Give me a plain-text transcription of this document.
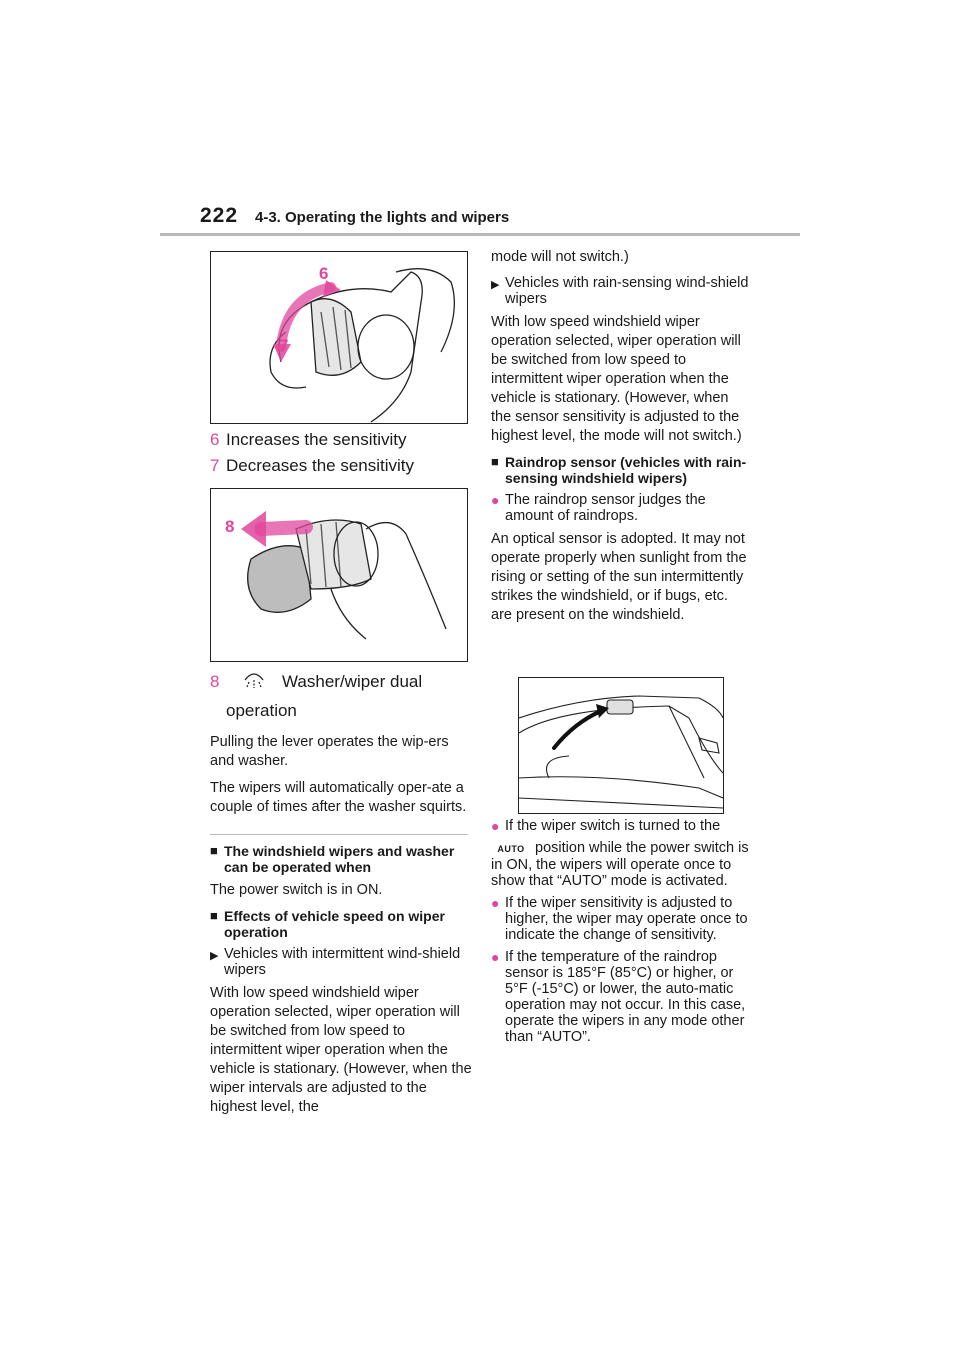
222 4-3. Operating the lights and wipers
6
7
6 Increases the sensitivity
7 Decreases the sensitivity
8
8	Washer/wiper dual
operation

Pulling the lever operates the wip-ers and washer.

The wipers will automatically oper-ate a couple of times after the washer squirts.

■ The windshield wipers and washer can be operated when

The power switch is in ON.

■ Effects of vehicle speed on wiper operation
▶ Vehicles with intermittent wind-shield wipers

With low speed windshield wiper operation selected, wiper operation will be switched from low speed to intermittent wiper operation when the vehicle is stationary. (However, when the wiper intervals are adjusted to the highest level, the

mode will not switch.)

▶ Vehicles with rain-sensing wind-shield wipers

With low speed windshield wiper operation selected, wiper operation will be switched from low speed to intermittent wiper operation when the vehicle is stationary. (However, when the sensor sensitivity is adjusted to the highest level, the mode will not switch.)

■ Raindrop sensor (vehicles with rain-sensing windshield wipers)
● The raindrop sensor judges the amount of raindrops.

An optical sensor is adopted. It may not operate properly when sunlight from the rising or setting of the sun intermittently strikes the windshield, or if bugs, etc. are present on the windshield.

● If the wiper switch is turned to the
AUTO position while the power switch is in ON, the wipers will operate once to show that “AUTO” mode is activated.
● If the wiper sensitivity is adjusted to higher, the wiper may operate once to indicate the change of sensitivity.
● If the temperature of the raindrop sensor is 185°F (85°C) or higher, or 5°F (-15°C) or lower, the auto-matic operation may not occur. In this case, operate the wipers in any mode other than “AUTO”.
